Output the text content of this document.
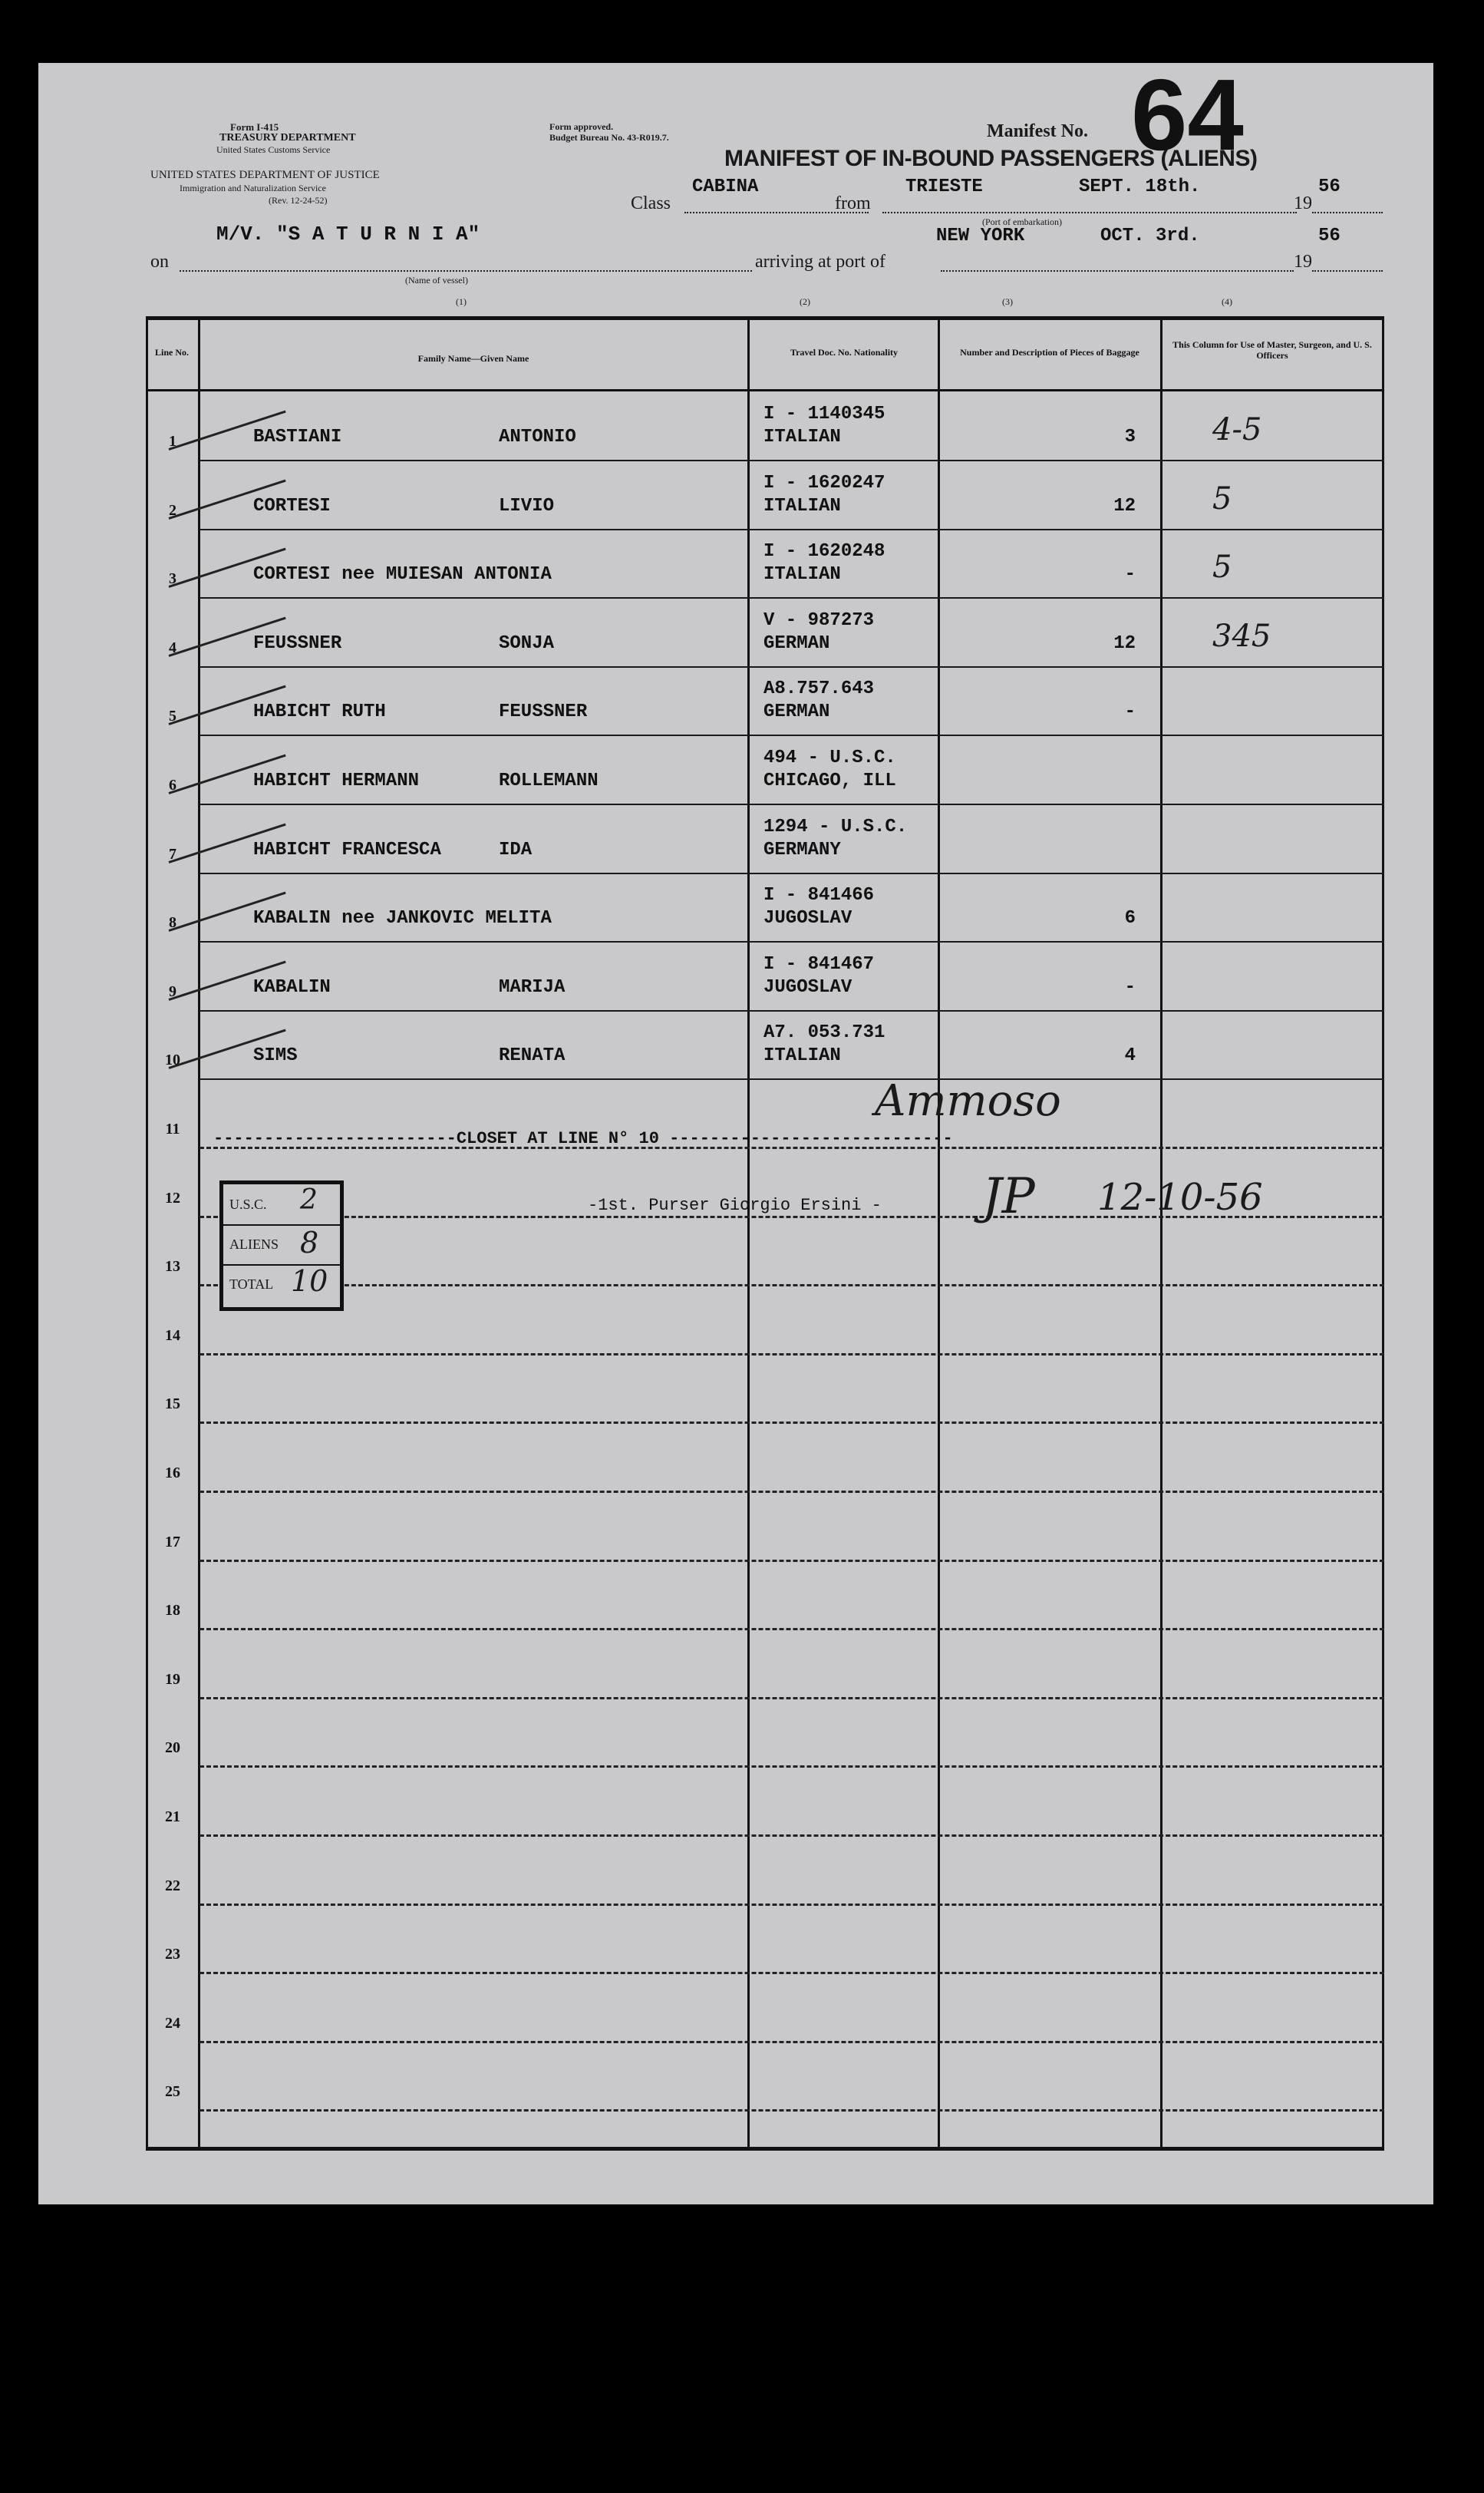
Form I-415
TREASURY DEPARTMENT
United States Customs Service
UNITED STATES DEPARTMENT OF JUSTICE
Immigration and Naturalization Service
(Rev. 12-24-52)
Form approved.
Budget Bureau No. 43-R019.7.	Manifest No. 64
MANIFEST OF IN-BOUND PASSENGERS (ALIENS)
Class
CABINA
from
TRIESTE	SEPT. 18th.
19
56
(Port of embarkation)
on
M/V. "S A T U R N I A"
arriving at port of
NEW YORK	OCT. 3rd.
19
56
(Name of vessel)
(1)	(2)	(3)	(4)
Line No.
Family Name—Given Name
Travel Doc. No. Nationality	Number and Description of Pieces of Baggage
This Column for Use of Master, Surgeon, and U. S. Officers
1	BASTIANI	ANTONIO
I - 1140345
ITALIAN	3	4-5
2	CORTESI	LIVIO
I - 1620247
ITALIAN	12	5
3	CORTESI nee MUIESAN ANTONIA
I - 1620248
ITALIAN	-	5
4	FEUSSNER	SONJA
V - 987273
GERMAN	12	345
5	HABICHT RUTH	FEUSSNER
A8.757.643
GERMAN	-
6	HABICHT HERMANN	ROLLEMANN
494 - U.S.C.
CHICAGO, ILL
7	HABICHT FRANCESCA	IDA
1294 - U.S.C.
GERMANY
8	KABALIN nee JANKOVIC MELITA
I - 841466
JUGOSLAV	6
9	KABALIN	MARIJA
I - 841467
JUGOSLAV	-
10	SIMS	RENATA
A7. 053.731
ITALIAN	4
11
12
13
14
15
16
17
18
19
20
21
22
23
24
25
------------------------CLOSET AT LINE N° 10 ----------------------------
Ammoso
-1st. Purser Giorgio Ersini - JP 12-10-56
U.S.C. 2
ALIENS 8
TOTAL 10
